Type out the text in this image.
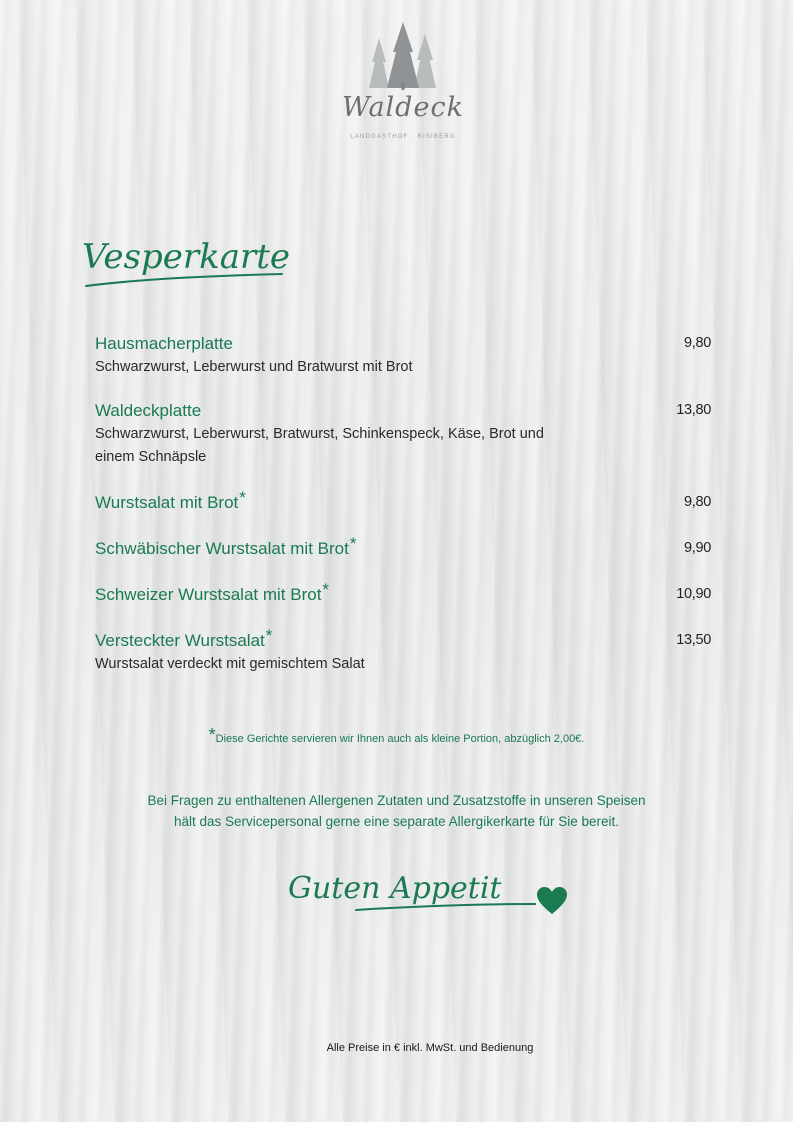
Waldeck
LANDGASTHOF · RISIBERG
Vesperkarte
Hausmacherplatte	9,80
Schwarzwurst, Leberwurst und Bratwurst mit Brot
Waldeckplatte	13,80
Schwarzwurst, Leberwurst, Bratwurst, Schinkenspeck, Käse, Brot und einem Schnäpsle
Wurstsalat mit Brot*	9,80
Schwäbischer Wurstsalat mit Brot*	9,90
Schweizer Wurstsalat mit Brot*	10,90
Versteckter Wurstsalat*	13,50
Wurstsalat verdeckt mit gemischtem Salat
*Diese Gerichte servieren wir Ihnen auch als kleine Portion, abzüglich 2,00€.
Bei Fragen zu enthaltenen Allergenen Zutaten und Zusatzstoffe in unseren Speisen
hält das Servicepersonal gerne eine separate Allergikerkarte für Sie bereit.
Guten Appetit
Alle Preise in € inkl. MwSt. und Bedienung
